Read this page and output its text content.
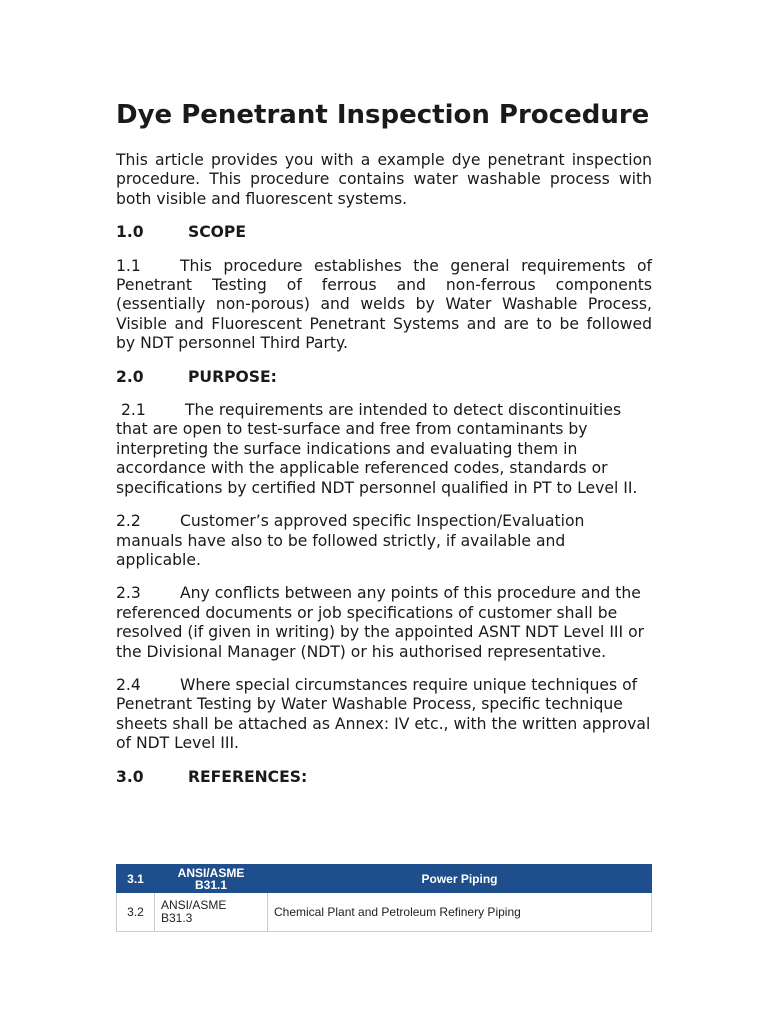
Dye Penetrant Inspection Procedure

This article provides you with a example dye penetrant inspection procedure. This procedure contains water washable process with both visible and fluorescent systems.

1.0	SCOPE

1.1	This procedure establishes the general requirements of Penetrant Testing of ferrous and non-ferrous components (essentially non-porous) and welds by Water Washable Process, Visible and Fluorescent Penetrant Systems and are to be followed by NDT personnel Third Party.

2.0	PURPOSE:

2.1	The requirements are intended to detect discontinuities that are open to test-surface and free from contaminants by interpreting the surface indications and evaluating them in accordance with the applicable referenced codes, standards or specifications by certified NDT personnel qualified in PT to Level II.

2.2	Customer’s approved specific Inspection/Evaluation manuals have also to be followed strictly, if available and applicable.

2.3	Any conflicts between any points of this procedure and the referenced documents or job specifications of customer shall be resolved (if given in writing) by the appointed ASNT NDT Level III or the Divisional Manager (NDT) or his authorised representative.

2.4	Where special circumstances require unique techniques of Penetrant Testing by Water Washable Process, specific technique sheets shall be attached as Annex: IV etc., with the written approval of NDT Level III.

3.0	REFERENCES:
3.1	ANSI/ASME B31.1	Power Piping
3.2	ANSI/ASME B31.3	Chemical Plant and Petroleum Refinery Piping
